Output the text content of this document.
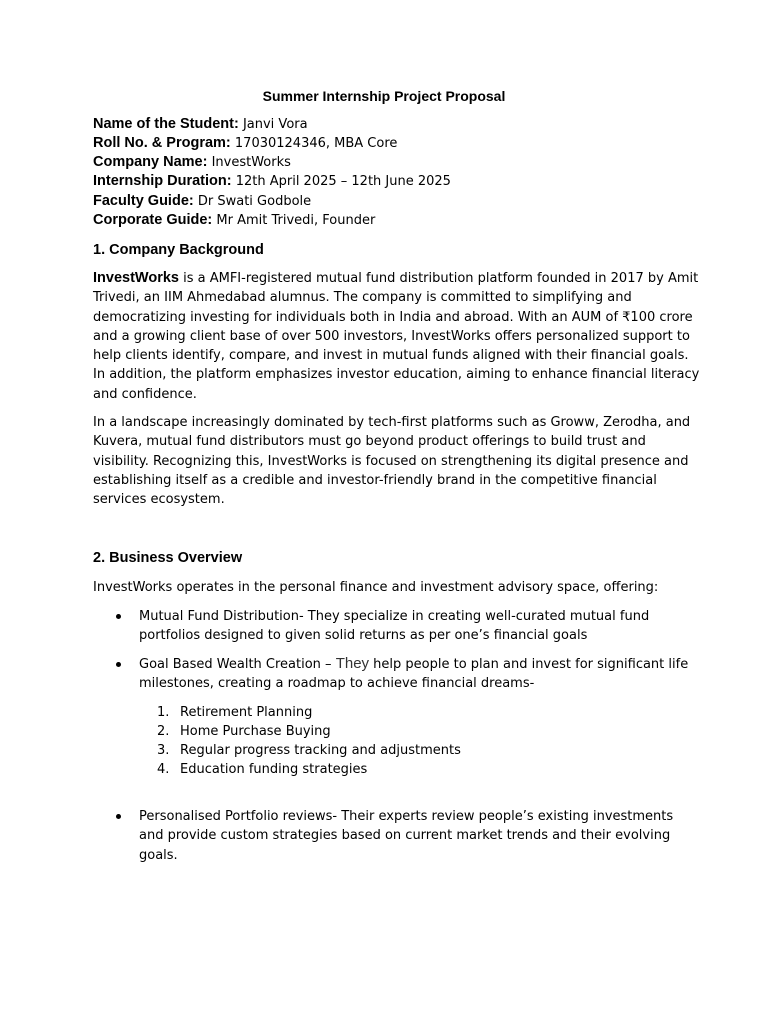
Summer Internship Project Proposal
Name of the Student: Janvi Vora
Roll No. & Program: 17030124346, MBA Core
Company Name: InvestWorks
Internship Duration: 12th April 2025 – 12th June 2025
Faculty Guide: Dr Swati Godbole
Corporate Guide: Mr Amit Trivedi, Founder
1. Company Background
InvestWorks is a AMFI-registered mutual fund distribution platform founded in 2017 by Amit
Trivedi, an IIM Ahmedabad alumnus. The company is committed to simplifying and
democratizing investing for individuals both in India and abroad. With an AUM of ₹100 crore
and a growing client base of over 500 investors, InvestWorks offers personalized support to
help clients identify, compare, and invest in mutual funds aligned with their financial goals.
In addition, the platform emphasizes investor education, aiming to enhance financial literacy
and confidence.
In a landscape increasingly dominated by tech-first platforms such as Groww, Zerodha, and
Kuvera, mutual fund distributors must go beyond product offerings to build trust and
visibility. Recognizing this, InvestWorks is focused on strengthening its digital presence and
establishing itself as a credible and investor-friendly brand in the competitive financial
services ecosystem.
2. Business Overview
InvestWorks operates in the personal finance and investment advisory space, offering:
Mutual Fund Distribution- They specialize in creating well-curated mutual fund
portfolios designed to given solid returns as per one’s financial goals
Goal Based Wealth Creation – They help people to plan and invest for significant life
milestones, creating a roadmap to achieve financial dreams-
1. Retirement Planning
2. Home Purchase Buying
3. Regular progress tracking and adjustments
4. Education funding strategies
Personalised Portfolio reviews- Their experts review people’s existing investments
and provide custom strategies based on current market trends and their evolving
goals.
